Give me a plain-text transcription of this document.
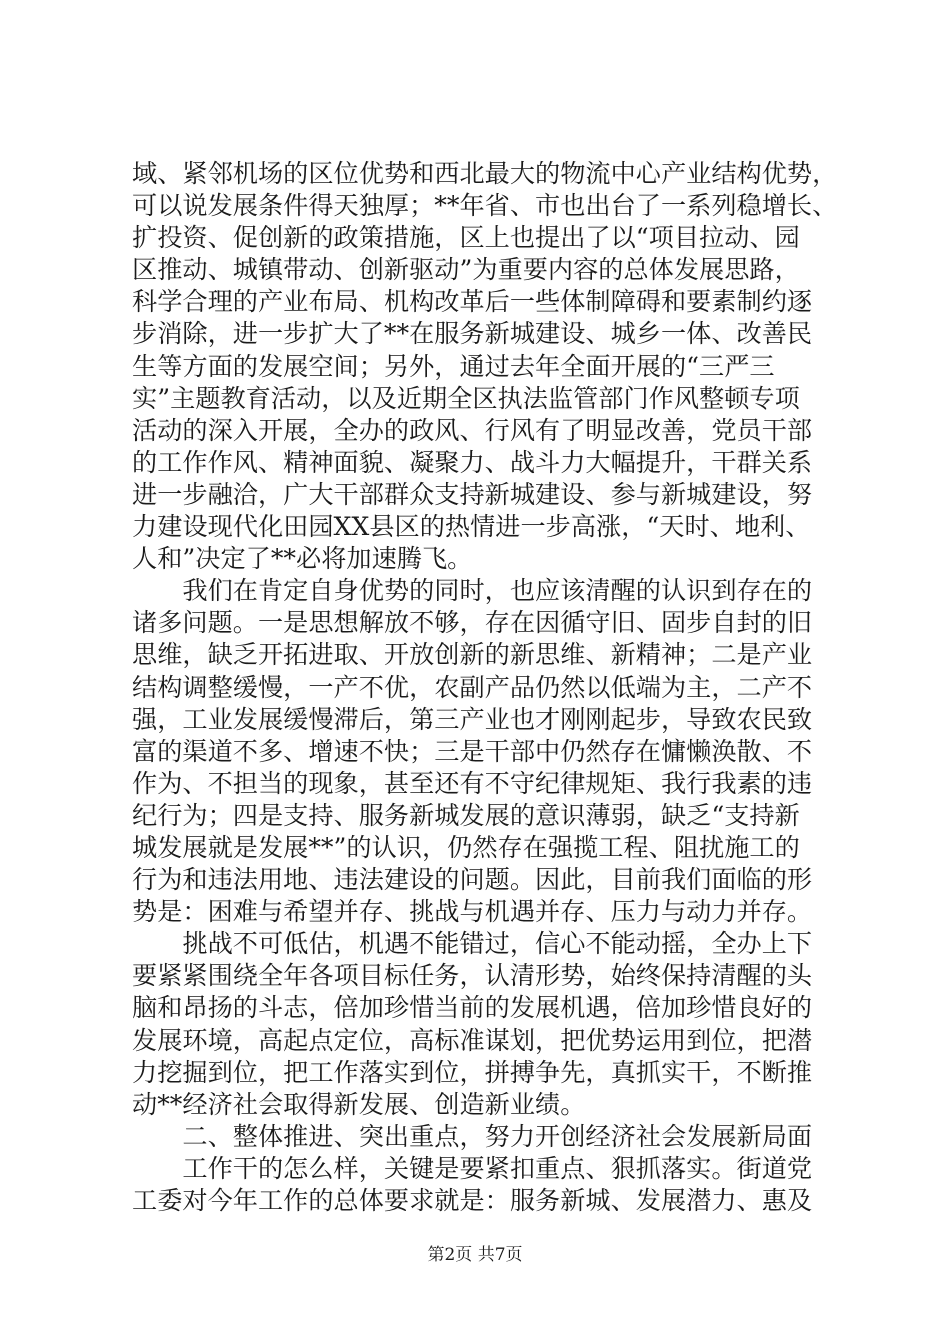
域、紧邻机场的区位优势和西北最大的物流中心产业结构优势，
可以说发展条件得天独厚；**年省、市也出台了一系列稳增长、
扩投资、促创新的政策措施，区上也提出了以“项目拉动、园
区推动、城镇带动、创新驱动”为重要内容的总体发展思路，
科学合理的产业布局、机构改革后一些体制障碍和要素制约逐
步消除，进一步扩大了**在服务新城建设、城乡一体、改善民
生等方面的发展空间；另外，通过去年全面开展的“三严三
实”主题教育活动，以及近期全区执法监管部门作风整顿专项
活动的深入开展，全办的政风、行风有了明显改善，党员干部
的工作作风、精神面貌、凝聚力、战斗力大幅提升，干群关系
进一步融洽，广大干部群众支持新城建设、参与新城建设，努
力建设现代化田园XX县区的热情进一步高涨，“天时、地利、
人和”决定了**必将加速腾飞。
　　我们在肯定自身优势的同时，也应该清醒的认识到存在的
诸多问题。一是思想解放不够，存在因循守旧、固步自封的旧
思维，缺乏开拓进取、开放创新的新思维、新精神；二是产业
结构调整缓慢，一产不优，农副产品仍然以低端为主，二产不
强，工业发展缓慢滞后，第三产业也才刚刚起步，导致农民致
富的渠道不多、增速不快；三是干部中仍然存在慵懒涣散、不
作为、不担当的现象，甚至还有不守纪律规矩、我行我素的违
纪行为；四是支持、服务新城发展的意识薄弱，缺乏“支持新
城发展就是发展**”的认识，仍然存在强揽工程、阻扰施工的
行为和违法用地、违法建设的问题。因此，目前我们面临的形
势是：困难与希望并存、挑战与机遇并存、压力与动力并存。
　　挑战不可低估，机遇不能错过，信心不能动摇，全办上下
要紧紧围绕全年各项目标任务，认清形势，始终保持清醒的头
脑和昂扬的斗志，倍加珍惜当前的发展机遇，倍加珍惜良好的
发展环境，高起点定位，高标准谋划，把优势运用到位，把潜
力挖掘到位，把工作落实到位，拼搏争先，真抓实干，不断推
动**经济社会取得新发展、创造新业绩。
　　二、整体推进、突出重点，努力开创经济社会发展新局面
　　工作干的怎么样，关键是要紧扣重点、狠抓落实。街道党
工委对今年工作的总体要求就是：服务新城、发展潜力、惠及
第2页 共7页
